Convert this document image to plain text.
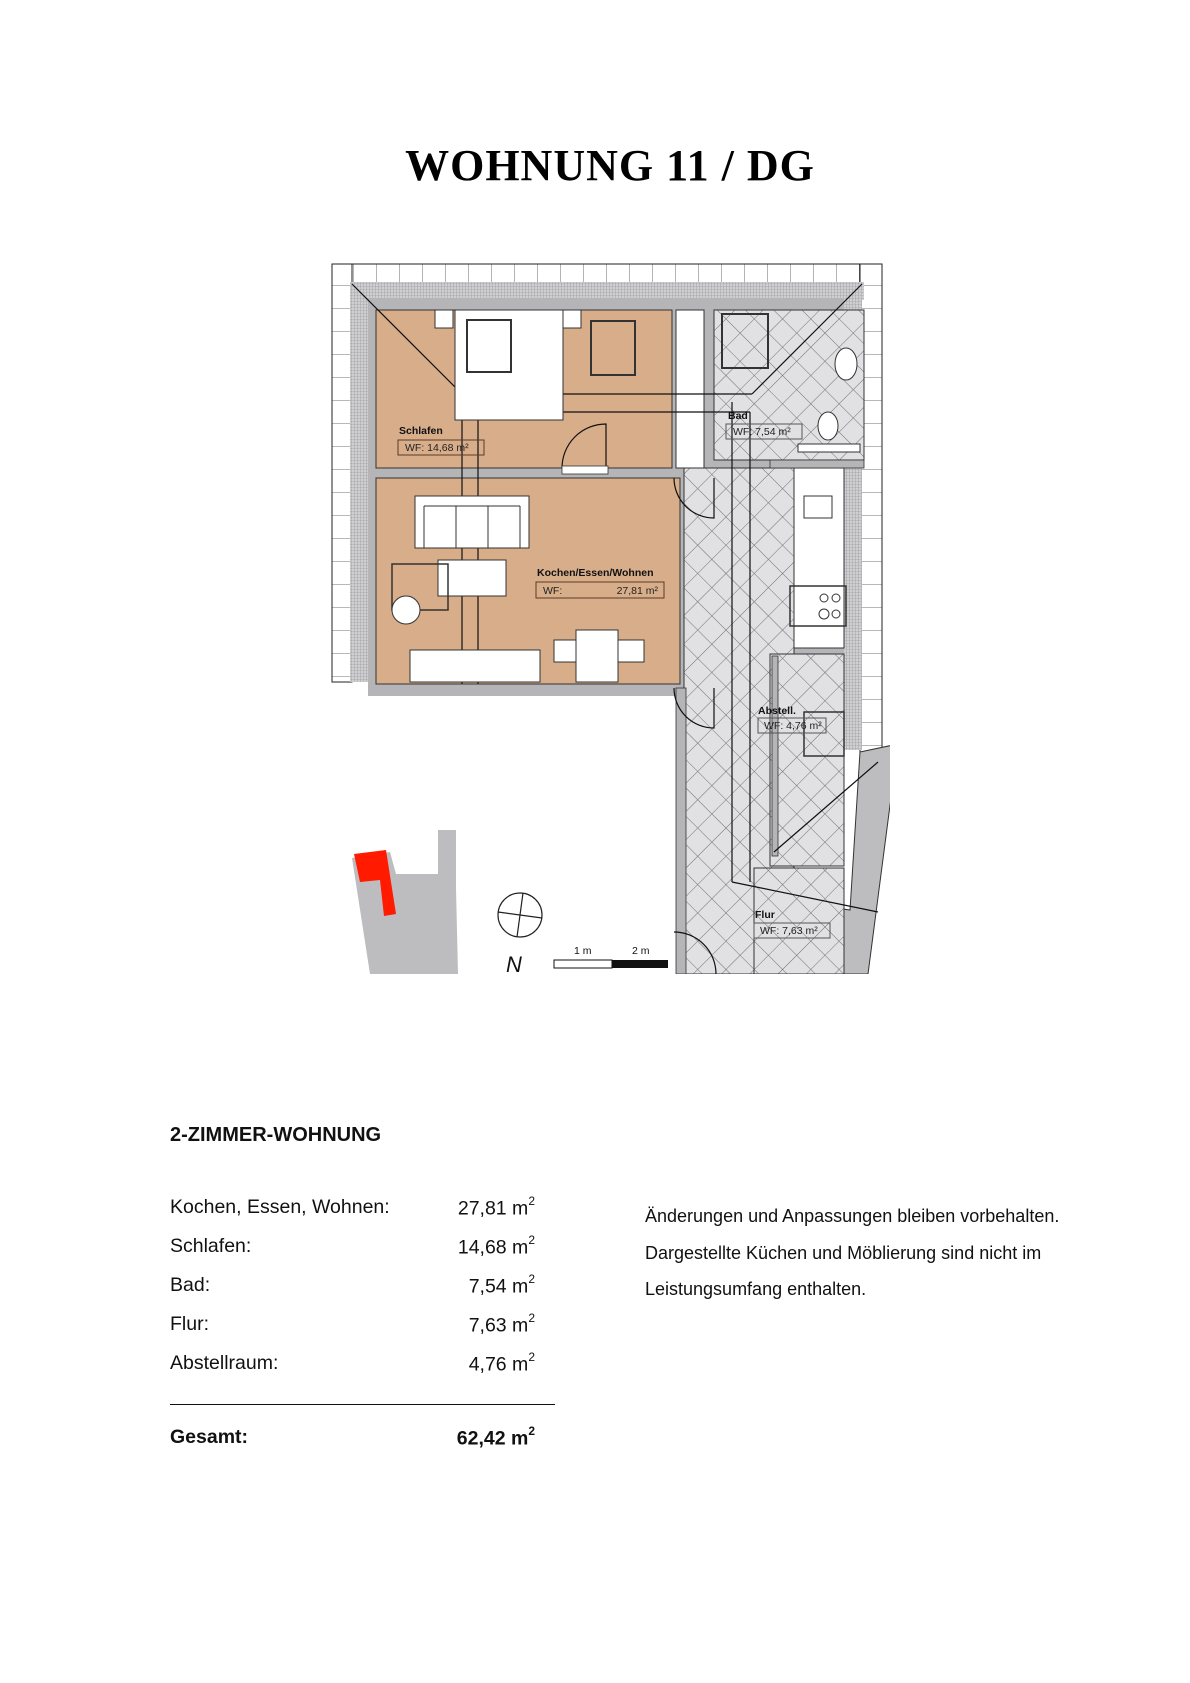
WOHNUNG 11 / DG
Schlafen
WF: 14,68 m²
Bad
WF: 7,54 m²
Kochen/Essen/Wohnen
WF:	27,81 m²
Abstell.
WF: 4,76 m²
Flur
WF: 7,63 m²
N
1 m	2 m
2-ZIMMER-WOHNUNG
Kochen, Essen, Wohnen:	27,81 $m^2$
Schlafen:	14,68 $m^2$
Bad:	7,54 $m^2$
Flur:	7,63 $m^2$
Abstellraum:	4,76 $m^2$
Gesamt:	62,42 $m^2$
Änderungen und Anpassungen bleiben vorbehalten.
Dargestellte Küchen und Möblierung sind nicht im
Leistungsumfang enthalten.
